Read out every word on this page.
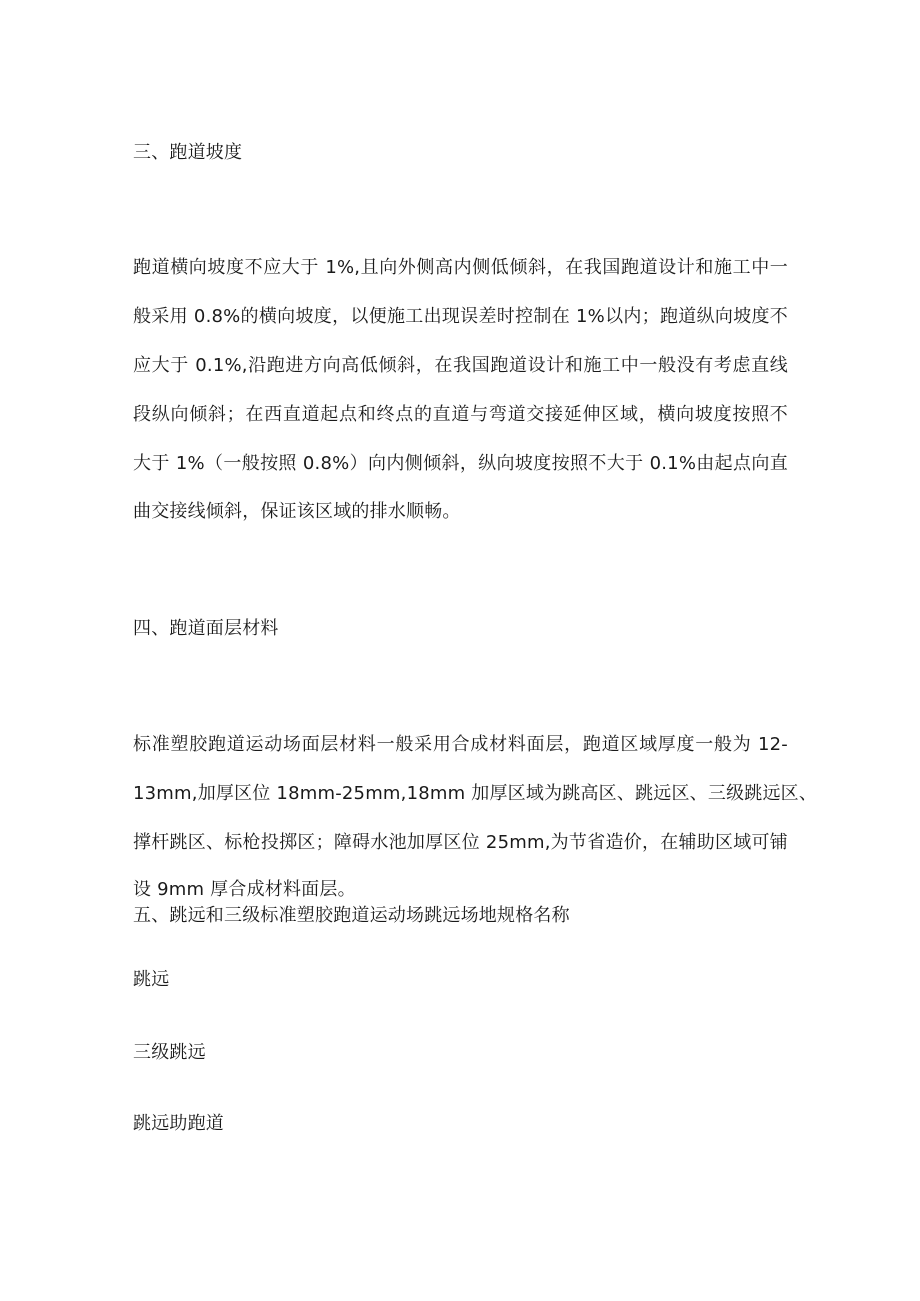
三、跑道坡度
跑道横向坡度不应大于 1%,且向外侧高内侧低倾斜，在我国跑道设计和施工中一
般采用 0.8%的横向坡度，以便施工出现误差时控制在 1%以内；跑道纵向坡度不
应大于 0.1%,沿跑进方向高低倾斜，在我国跑道设计和施工中一般没有考虑直线
段纵向倾斜；在西直道起点和终点的直道与弯道交接延伸区域，横向坡度按照不
大于 1%（一般按照 0.8%）向内侧倾斜，纵向坡度按照不大于 0.1%由起点向直
曲交接线倾斜，保证该区域的排水顺畅。
四、跑道面层材料
标准塑胶跑道运动场面层材料一般采用合成材料面层，跑道区域厚度一般为 12-
13mm,加厚区位 18mm-25mm,18mm 加厚区域为跳高区、跳远区、三级跳远区、
撑杆跳区、标枪投掷区；障碍水池加厚区位 25mm,为节省造价，在辅助区域可铺
设 9mm 厚合成材料面层。
五、跳远和三级标准塑胶跑道运动场跳远场地规格名称
跳远
三级跳远
跳远助跑道
